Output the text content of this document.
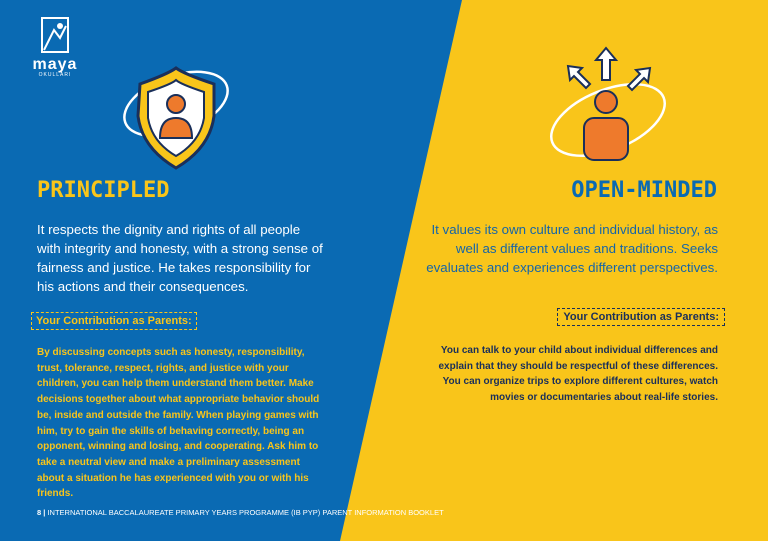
maya
OKULLARI
PRINCIPLED
It respects the dignity and rights of all people with integrity and honesty, with a strong sense of fairness and justice. He takes responsibility for his actions and their consequences.
Your Contribution as Parents:
By discussing concepts such as honesty, responsibility, trust, tolerance, respect, rights, and justice with your children, you can help them understand them better. Make decisions together about what appropriate behavior should be, inside and outside the family. When playing games with him, try to gain the skills of behaving correctly, being an opponent, winning and losing, and cooperating. Ask him to take a neutral view and make a preliminary assessment about a situation he has experienced with you or with his friends.
OPEN-MINDED
It values its own culture and individual history, as well as different values and traditions. Seeks evaluates and experiences different perspectives.
Your Contribution as Parents:
You can talk to your child about individual differences and explain that they should be respectful of these differences. You can organize trips to explore different cultures, watch movies or documentaries about real-life stories.
8 | INTERNATIONAL BACCALAUREATE PRIMARY YEARS PROGRAMME (IB PYP) PARENT INFORMATION BOOKLET
